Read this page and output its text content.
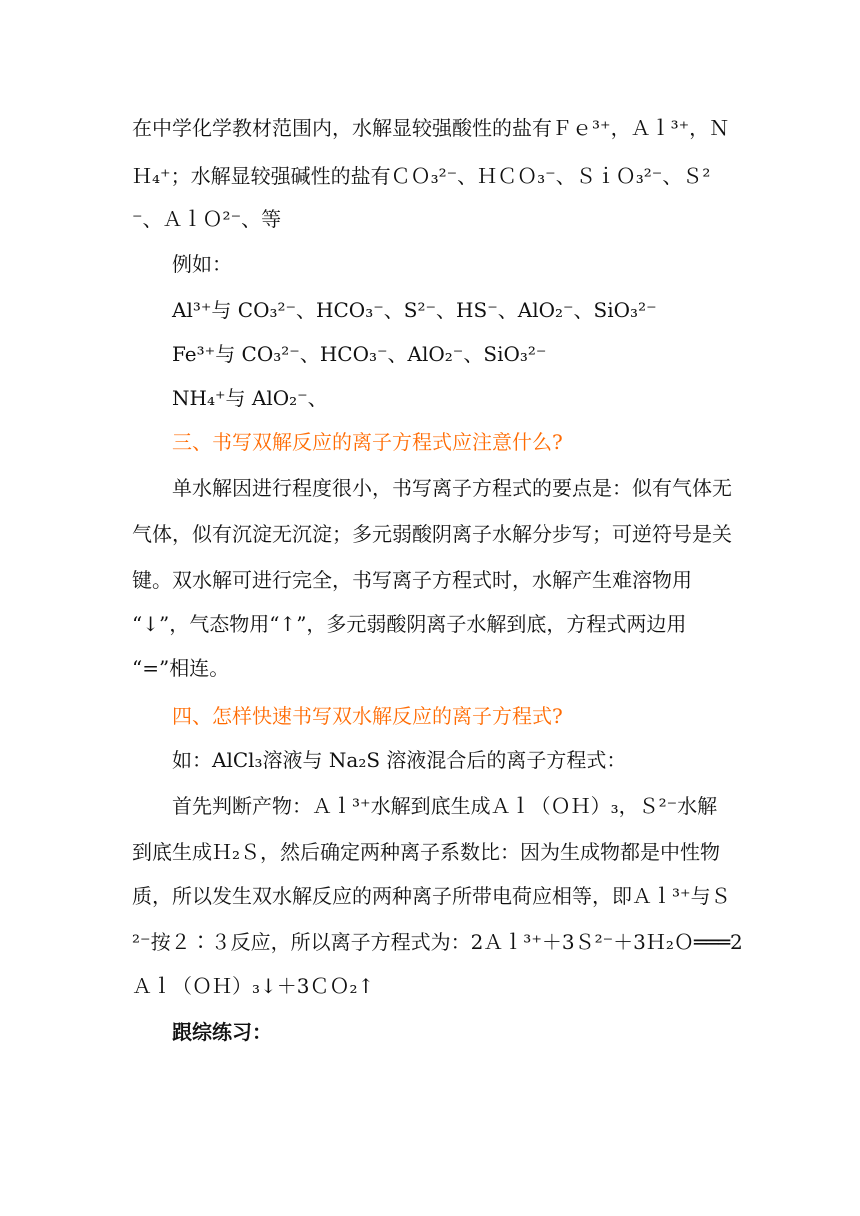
在中学化学教材范围内，水解显较强酸性的盐有Ｆｅ³⁺，Ａｌ³⁺，Ｎ
Ｈ₄⁺；水解显较强碱性的盐有ＣＯ₃²⁻、ＨＣＯ₃⁻、ＳｉＯ₃²⁻、Ｓ²
⁻、ＡｌＯ²⁻、等
例如：
Al³⁺与 CO₃²⁻、HCO₃⁻、S²⁻、HS⁻、AlO₂⁻、SiO₃²⁻
Fe³⁺与 CO₃²⁻、HCO₃⁻、AlO₂⁻、SiO₃²⁻
NH₄⁺与 AlO₂⁻、
三、书写双解反应的离子方程式应注意什么?
单水解因进行程度很小，书写离子方程式的要点是：似有气体无
气体，似有沉淀无沉淀；多元弱酸阴离子水解分步写；可逆符号是关
键。双水解可进行完全，书写离子方程式时，水解产生难溶物用
“↓”，气态物用“↑”，多元弱酸阴离子水解到底，方程式两边用
“=”相连。
四、怎样快速书写双水解反应的离子方程式?
如：AlCl₃溶液与 Na₂S 溶液混合后的离子方程式：
首先判断产物：Ａｌ³⁺水解到底生成Ａｌ（ＯＨ）₃，Ｓ²⁻水解
到底生成Ｈ₂Ｓ，然后确定两种离子系数比：因为生成物都是中性物
质，所以发生双水解反应的两种离子所带电荷应相等，即Ａｌ³⁺与Ｓ
²⁻按２∶３反应，所以离子方程式为：2Ａｌ³⁺＋3Ｓ²⁻＋3Ｈ₂Ｏ═══2
Ａｌ（ＯＨ）₃↓＋3ＣＯ₂↑
跟综练习：
